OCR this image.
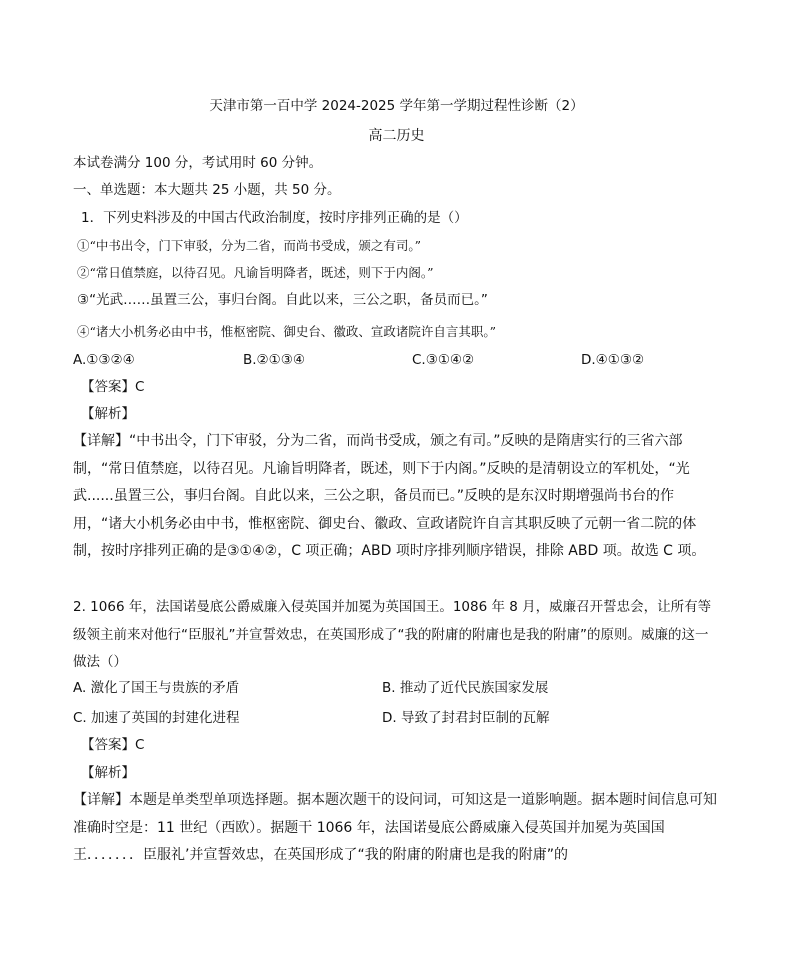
天津市第一百中学 2024-2025 学年第一学期过程性诊断（2）
高二历史
本试卷满分 100 分，考试用时 60 分钟。
一、单选题：本大题共 25 小题，共 50 分。
1．下列史料涉及的中国古代政治制度，按时序排列正确的是（）
①“中书出令，门下审驳，分为二省，而尚书受成，颁之有司。”
②“常日值禁庭，以待召见。凡谕旨明降者，既述，则下于内阁。”
③“光武……虽置三公，事归台阁。自此以来，三公之职，备员而已。”
④“诸大小机务必由中书，惟枢密院、御史台、徽政、宣政诸院许自言其职。”
A.①③②④	B.②①③④	C.③①④②	D.④①③②
【答案】C
【解析】

【详解】“中书出令，门下审驳，分为二省，而尚书受成，颁之有司。”反映的是隋唐实行的三省六部制，“常日值禁庭，以待召见。凡谕旨明降者，既述，则下于内阁。”反映的是清朝设立的军机处，“光武......虽置三公，事归台阁。自此以来，三公之职，备员而已。”反映的是东汉时期增强尚书台的作用，“诸大小机务必由中书，惟枢密院、御史台、徽政、宣政诸院许自言其职反映了元朝一省二院的体制，按时序排列正确的是③①④②，C 项正确；ABD 项时序排列顺序错误，排除 ABD 项。故选 C 项。

2. 1066 年，法国诺曼底公爵威廉入侵英国并加冕为英国国王。1086 年 8 月，威廉召开誓忠会，让所有等级领主前来对他行“臣服礼”并宣誓效忠，在英国形成了“我的附庸的附庸也是我的附庸”的原则。威廉的这一做法（）

A. 激化了国王与贵族的矛盾	B. 推动了近代民族国家发展
C. 加速了英国的封建化进程	D. 导致了封君封臣制的瓦解
【答案】C
【解析】

【详解】本题是单类型单项选择题。据本题次题干的设问词，可知这是一道影响题。据本题时间信息可知准确时空是：11 世纪（西欧）。据题干 1066 年，法国诺曼底公爵威廉入侵英国并加冕为英国国王．．．．．．．臣服礼’并宣誓效忠，在英国形成了“我的附庸的附庸也是我的附庸”的
